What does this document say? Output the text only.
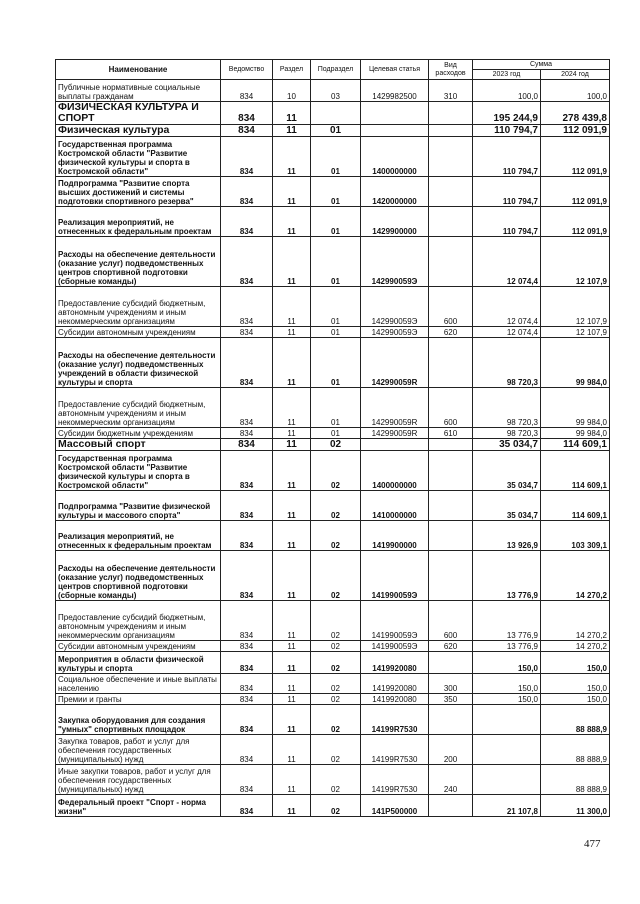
Наименование	Ведомство	Раздел	Подраздел	Целевая статья	Вид расходов	Сумма	
						2023 год	2024 год
Публичные нормативные социальные выплаты гражданам	834	10	03	1429982500	310	100,0	100,0
ФИЗИЧЕСКАЯ КУЛЬТУРА И СПОРТ	834	11				195 244,9	278 439,8
Физическая культура	834	11	01			110 794,7	112 091,9
Государственная программа Костромской области "Развитие физической культуры и спорта в Костромской области"	834	11	01	1400000000		110 794,7	112 091,9
Подпрограмма "Развитие спорта высших достижений и системы подготовки спортивного резерва"	834	11	01	1420000000		110 794,7	112 091,9
Реализация мероприятий, не отнесенных к федеральным проектам	834	11	01	1429900000		110 794,7	112 091,9
Расходы на обеспечение деятельности (оказание услуг) подведомственных центров спортивной подготовки (сборные команды)	834	11	01	142990059Э		12 074,4	12 107,9
Предоставление субсидий бюджетным, автономным учреждениям и иным некоммерческим организациям	834	11	01	142990059Э	600	12 074,4	12 107,9
Субсидии автономным учреждениям	834	11	01	142990059Э	620	12 074,4	12 107,9
Расходы на обеспечение деятельности (оказание услуг) подведомственных учреждений в области физической культуры и спорта	834	11	01	142990059R		98 720,3	99 984,0
Предоставление субсидий бюджетным, автономным учреждениям и иным некоммерческим организациям	834	11	01	142990059R	600	98 720,3	99 984,0
Субсидии бюджетным учреждениям	834	11	01	142990059R	610	98 720,3	99 984,0
Массовый спорт	834	11	02			35 034,7	114 609,1
Государственная программа Костромской области "Развитие физической культуры и спорта в Костромской области"	834	11	02	1400000000		35 034,7	114 609,1
Подпрограмма "Развитие физической культуры и массового спорта"	834	11	02	1410000000		35 034,7	114 609,1
Реализация мероприятий, не отнесенных к федеральным проектам	834	11	02	1419900000		13 926,9	103 309,1
Расходы на обеспечение деятельности (оказание услуг) подведомственных центров спортивной подготовки (сборные команды)	834	11	02	141990059Э		13 776,9	14 270,2
Предоставление субсидий бюджетным, автономным учреждениям и иным некоммерческим организациям	834	11	02	141990059Э	600	13 776,9	14 270,2
Субсидии автономным учреждениям	834	11	02	141990059Э	620	13 776,9	14 270,2
Мероприятия в области физической культуры и спорта	834	11	02	1419920080		150,0	150,0
Социальное обеспечение и иные выплаты населению	834	11	02	1419920080	300	150,0	150,0
Премии и гранты	834	11	02	1419920080	350	150,0	150,0
Закупка оборудования для создания "умных" спортивных площадок	834	11	02	14199R7530			88 888,9
Закупка товаров, работ и услуг для обеспечения государственных (муниципальных) нужд	834	11	02	14199R7530	200		88 888,9
Иные закупки товаров, работ и услуг для обеспечения государственных (муниципальных) нужд	834	11	02	14199R7530	240		88 888,9
Федеральный проект "Спорт - норма жизни"	834	11	02	141P500000		21 107,8	11 300,0
477
